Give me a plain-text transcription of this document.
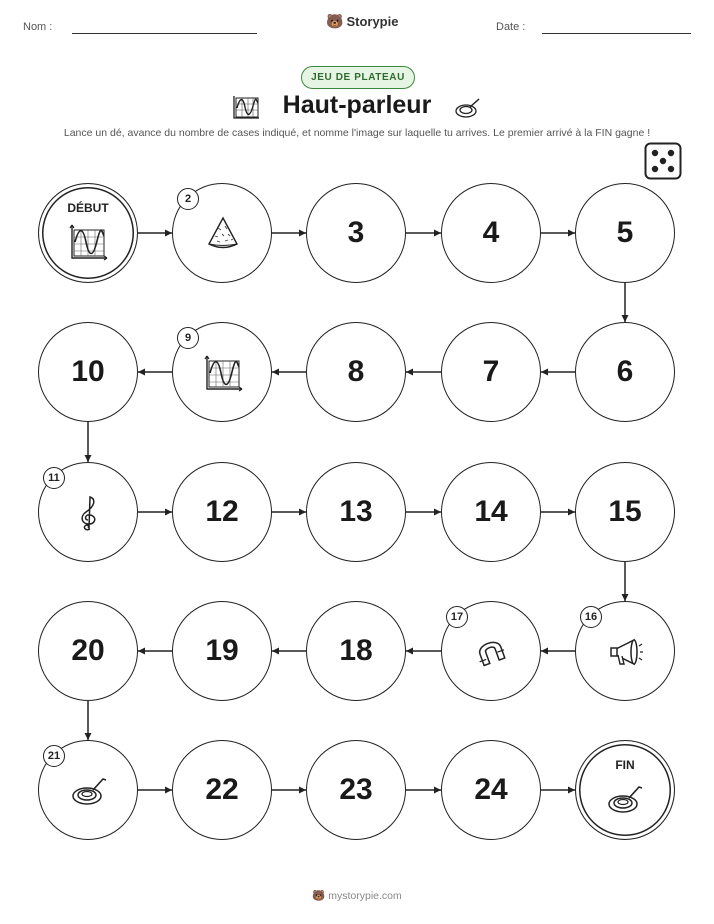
Nom :	🐻 Storypie	Date :
JEU DE PLATEAU
Haut-parleur
Lance un dé, avance du nombre de cases indiqué, et nomme l'image sur laquelle tu arrives. Le premier arrivé à la FIN gagne !
DÉBUT
2
3	4	5
6
7
8
9
10
11
12	13	14	15
16
17
18
19
20
21
22	23	24
FIN
🐻 mystorypie.com
